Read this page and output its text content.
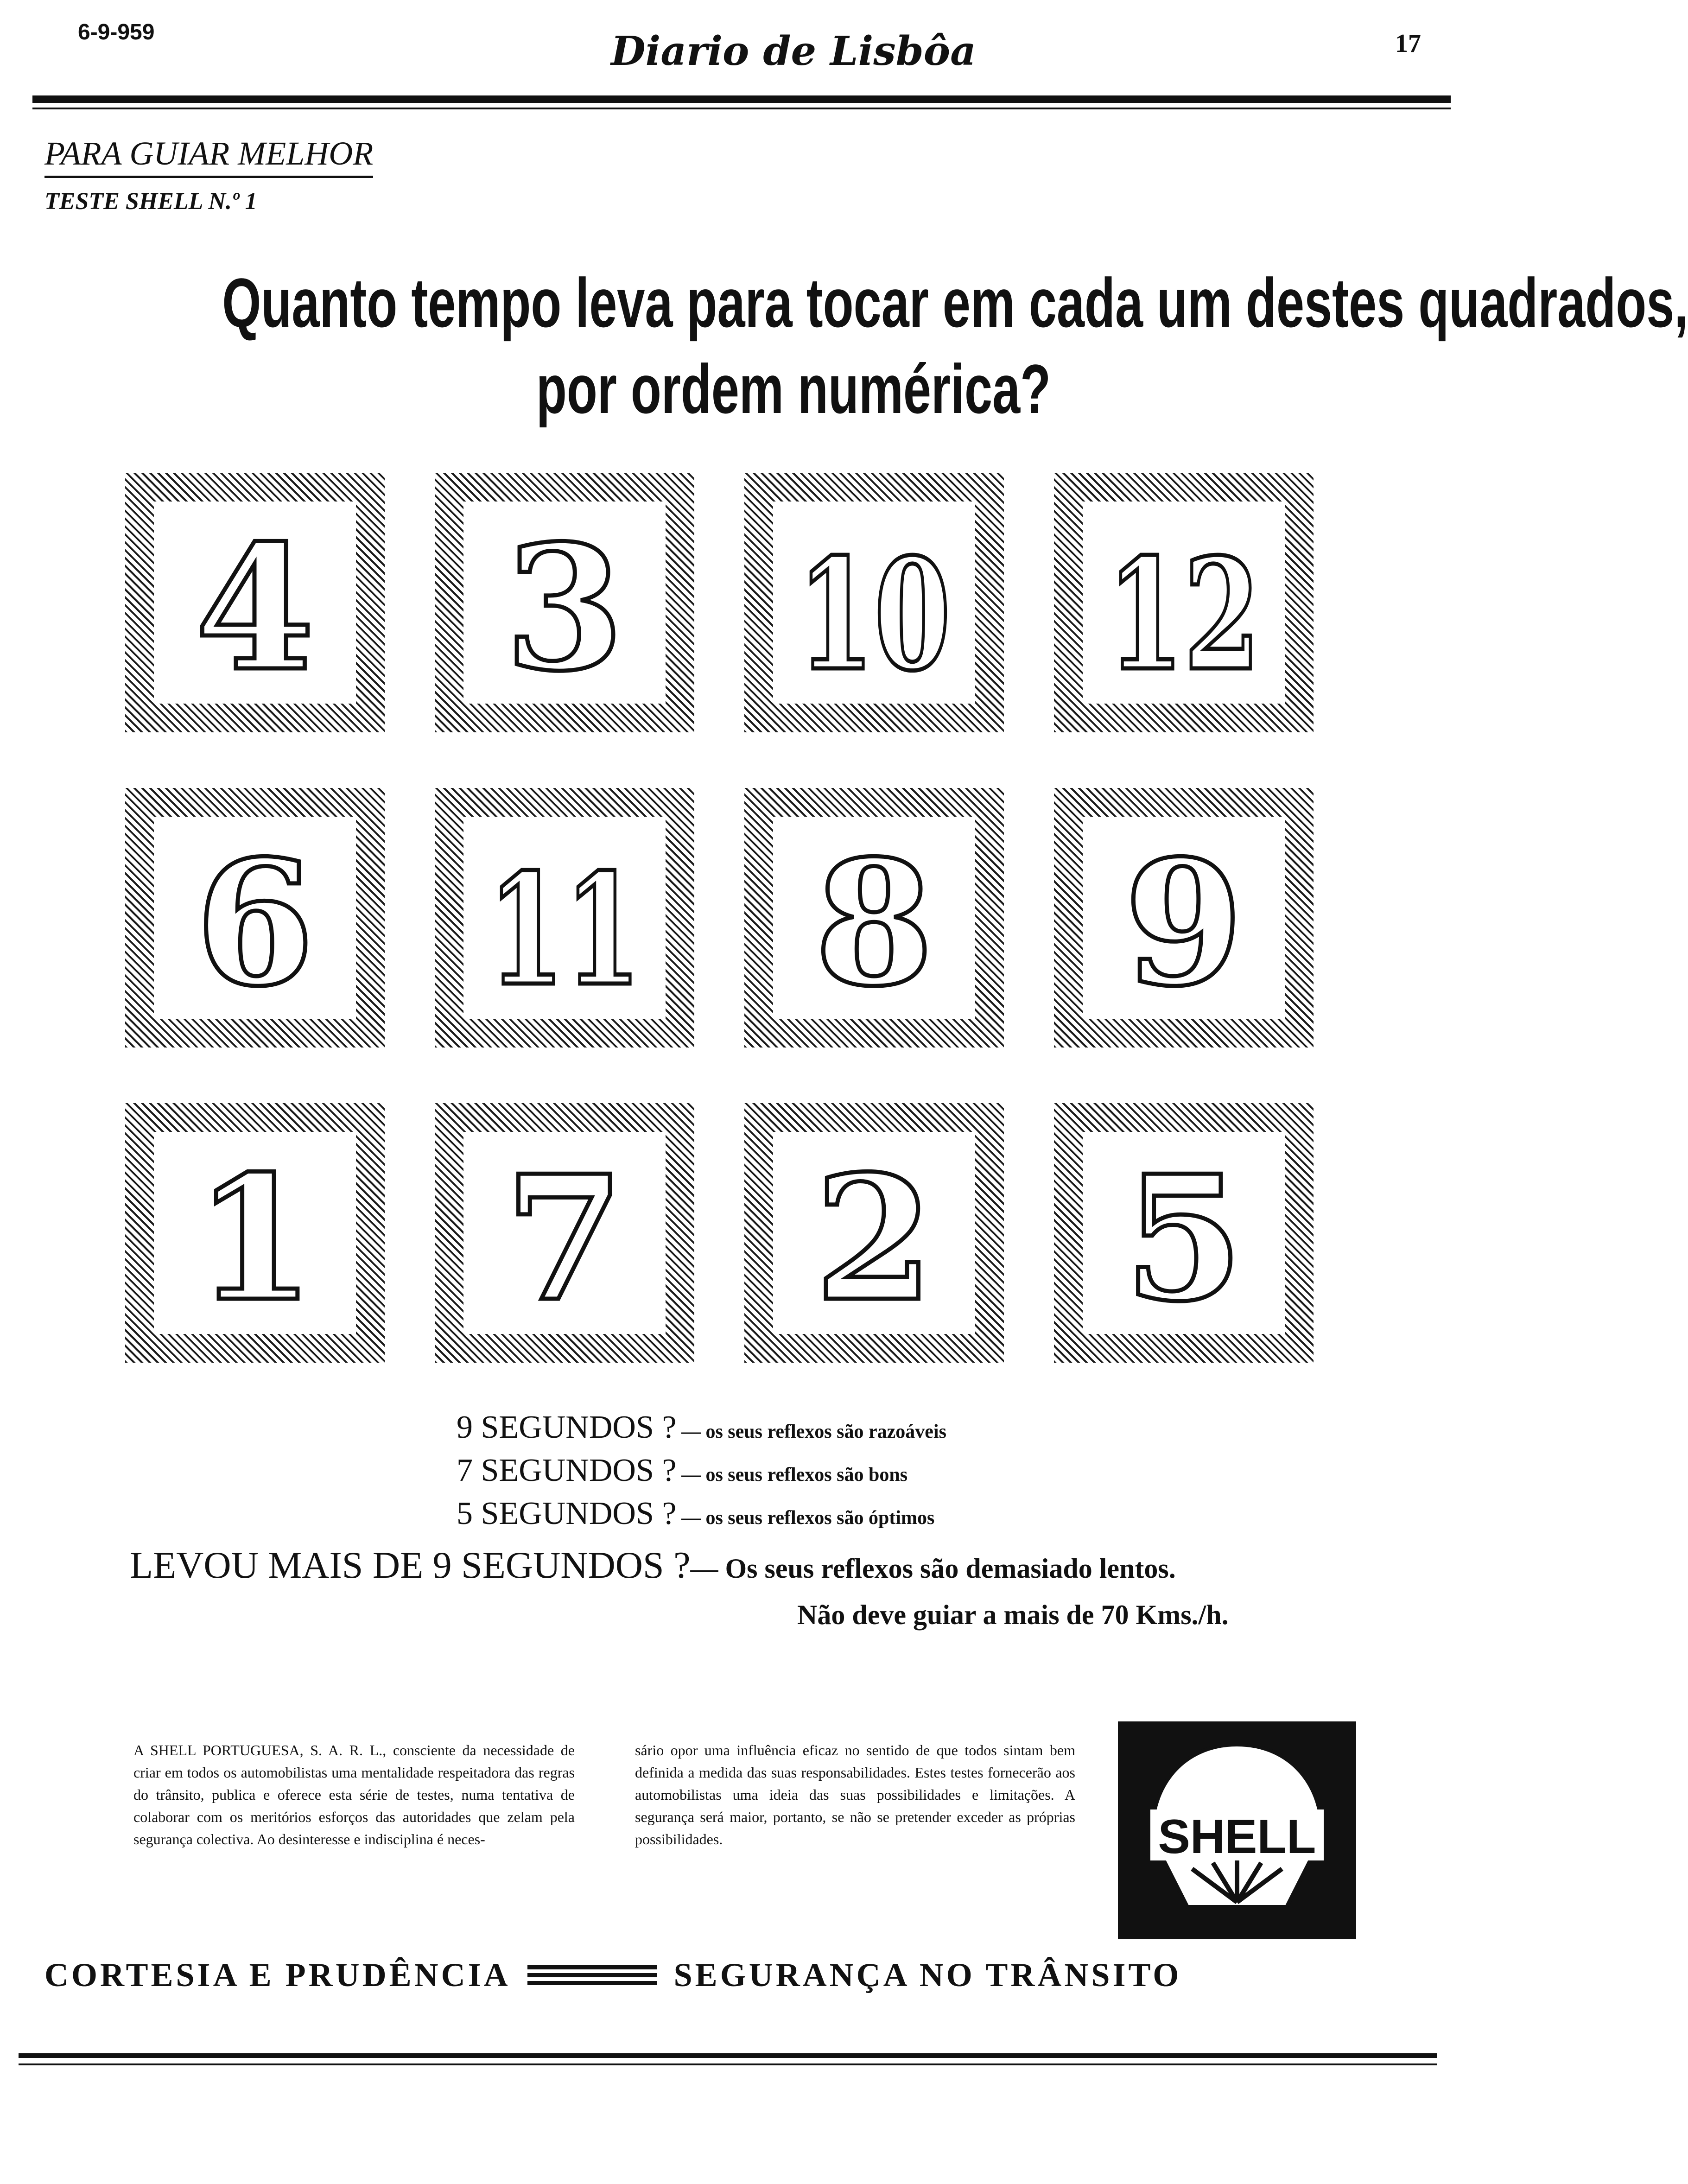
6-9-959	Diario de Lisbôa	17
PARA GUIAR MELHOR
TESTE SHELL N.º 1
Quanto tempo leva para tocar em cada um destes quadrados,
por ordem numérica?
4 3 10 12
6 11 8 9
1 7 2 5
9 SEGUNDOS ? — os seus reflexos são razoáveis
7 SEGUNDOS ? — os seus reflexos são bons
5 SEGUNDOS ? — os seus reflexos são óptimos
LEVOU MAIS DE 9 SEGUNDOS ?— Os seus reflexos são demasiado lentos.
Não deve guiar a mais de 70 Kms./h.
A SHELL PORTUGUESA, S. A. R. L., consciente da necessidade de criar em todos os automobilistas uma mentalidade respeitadora das regras do trânsito, publica e oferece esta série de testes, numa tentativa de colaborar com os meritórios esforços das autoridades que zelam pela segurança colectiva. Ao desinteresse e indisciplina é neces-
sário opor uma influência eficaz no sentido de que todos sintam bem definida a medida das suas responsabilidades. Estes testes fornecerão aos automobilistas uma ideia das suas possibilidades e limitações. A segurança será maior, portanto, se não se pretender exceder as próprias possibilidades.	SHELL
CORTESIA E PRUDÊNCIA	SEGURANÇA NO TRÂNSITO
